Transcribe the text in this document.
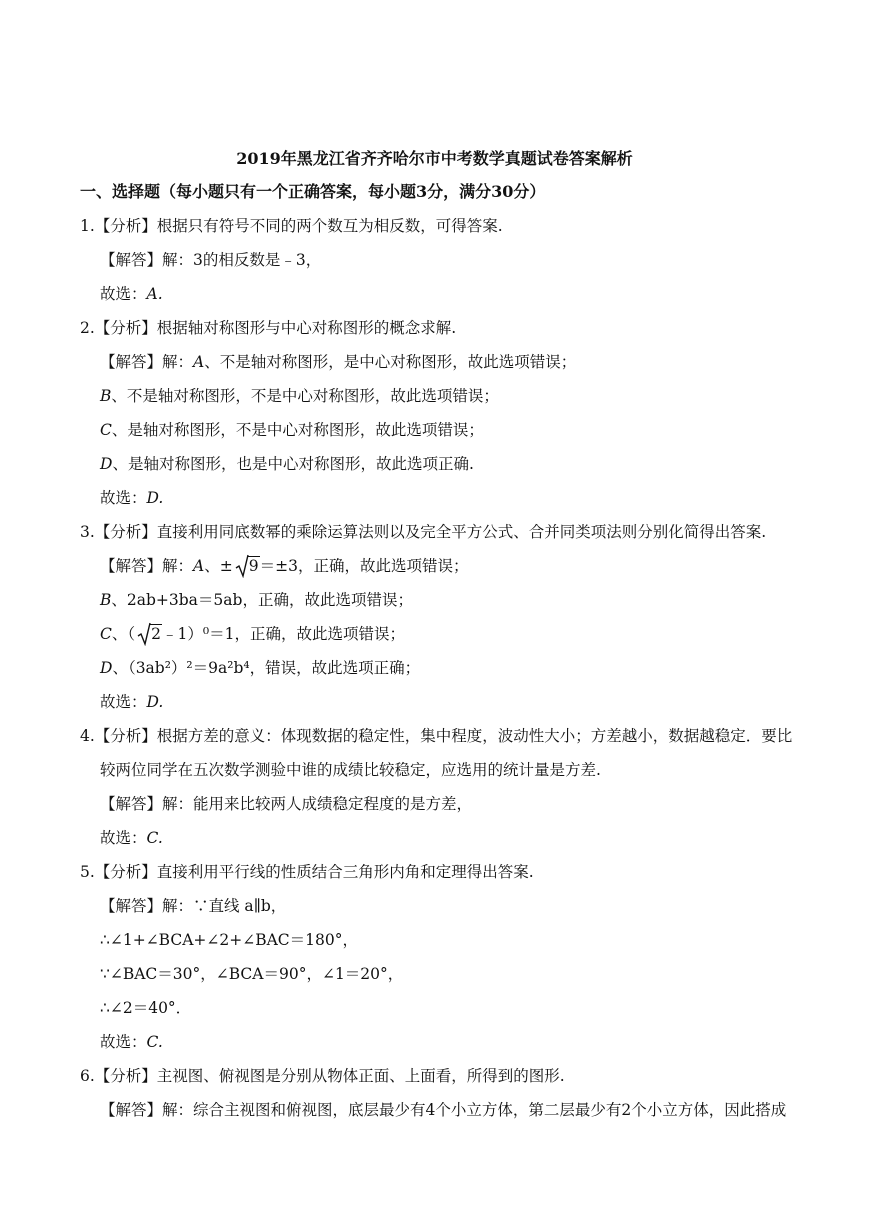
2019年黑龙江省齐齐哈尔市中考数学真题试卷答案解析
一、选择题（每小题只有一个正确答案，每小题3分，满分30分）
1.【分析】根据只有符号不同的两个数互为相反数，可得答案.
【解答】解：3的相反数是﹣3，
故选：A.
2.【分析】根据轴对称图形与中心对称图形的概念求解.
【解答】解：A、不是轴对称图形，是中心对称图形，故此选项错误；
B、不是轴对称图形，不是中心对称图形，故此选项错误；
C、是轴对称图形，不是中心对称图形，故此选项错误；
D、是轴对称图形，也是中心对称图形，故此选项正确.
故选：D.
3.【分析】直接利用同底数幂的乘除运算法则以及完全平方公式、合并同类项法则分别化简得出答案.
【解答】解：A、± 9＝±3，正确，故此选项错误；
B、2ab+3ba＝5ab，正确，故此选项错误；
C、（ 2﹣1）⁰＝1，正确，故此选项错误；
D、（3ab²）²＝9a²b⁴，错误，故此选项正确；
故选：D.
4.【分析】根据方差的意义：体现数据的稳定性，集中程度，波动性大小；方差越小，数据越稳定．要比
较两位同学在五次数学测验中谁的成绩比较稳定，应选用的统计量是方差.
【解答】解：能用来比较两人成绩稳定程度的是方差，
故选：C.
5.【分析】直接利用平行线的性质结合三角形内角和定理得出答案.
【解答】解：∵直线 a∥b，
∴∠1+∠BCA+∠2+∠BAC＝180°，
∵∠BAC＝30°，∠BCA＝90°，∠1＝20°，
∴∠2＝40°．
故选：C.
6.【分析】主视图、俯视图是分别从物体正面、上面看，所得到的图形.
【解答】解：综合主视图和俯视图，底层最少有4个小立方体，第二层最少有2个小立方体，因此搭成
